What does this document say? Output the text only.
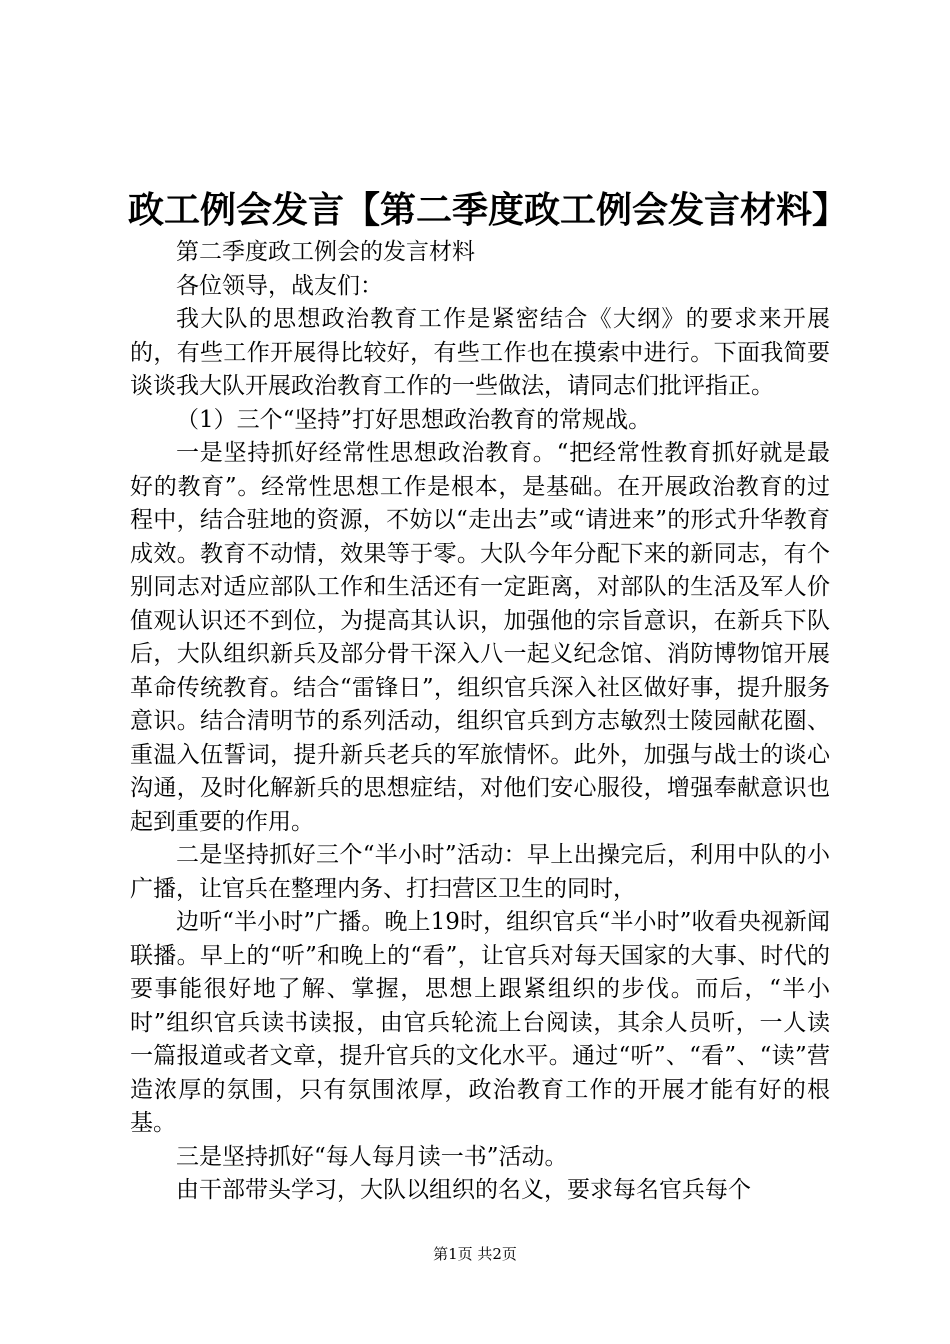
政工例会发言【第二季度政工例会发言材料】

第二季度政工例会的发言材料

各位领导，战友们：

我大队的思想政治教育工作是紧密结合《大纲》的要求来开展的，有些工作开展得比较好，有些工作也在摸索中进行。下面我简要谈谈我大队开展政治教育工作的一些做法，请同志们批评指正。

（1）三个“坚持”打好思想政治教育的常规战。

一是坚持抓好经常性思想政治教育。“把经常性教育抓好就是最好的教育”。经常性思想工作是根本，是基础。在开展政治教育的过程中，结合驻地的资源，不妨以“走出去”或“请进来”的形式升华教育成效。教育不动情，效果等于零。大队今年分配下来的新同志，有个别同志对适应部队工作和生活还有一定距离，对部队的生活及军人价值观认识还不到位，为提高其认识，加强他的宗旨意识，在新兵下队后，大队组织新兵及部分骨干深入八一起义纪念馆、消防博物馆开展革命传统教育。结合“雷锋日”，组织官兵深入社区做好事，提升服务意识。结合清明节的系列活动，组织官兵到方志敏烈士陵园献花圈、重温入伍誓词，提升新兵老兵的军旅情怀。此外，加强与战士的谈心沟通，及时化解新兵的思想症结，对他们安心服役，增强奉献意识也起到重要的作用。

二是坚持抓好三个“半小时”活动：早上出操完后，利用中队的小广播，让官兵在整理内务、打扫营区卫生的同时，

边听“半小时”广播。晚上19时，组织官兵“半小时”收看央视新闻联播。早上的“听”和晚上的“看”，让官兵对每天国家的大事、时代的要事能很好地了解、掌握，思想上跟紧组织的步伐。而后，“半小时”组织官兵读书读报，由官兵轮流上台阅读，其余人员听，一人读一篇报道或者文章，提升官兵的文化水平。通过“听”、“看”、“读”营造浓厚的氛围，只有氛围浓厚，政治教育工作的开展才能有好的根基。

三是坚持抓好“每人每月读一书”活动。

由干部带头学习，大队以组织的名义，要求每名官兵每个

第1页 共2页
